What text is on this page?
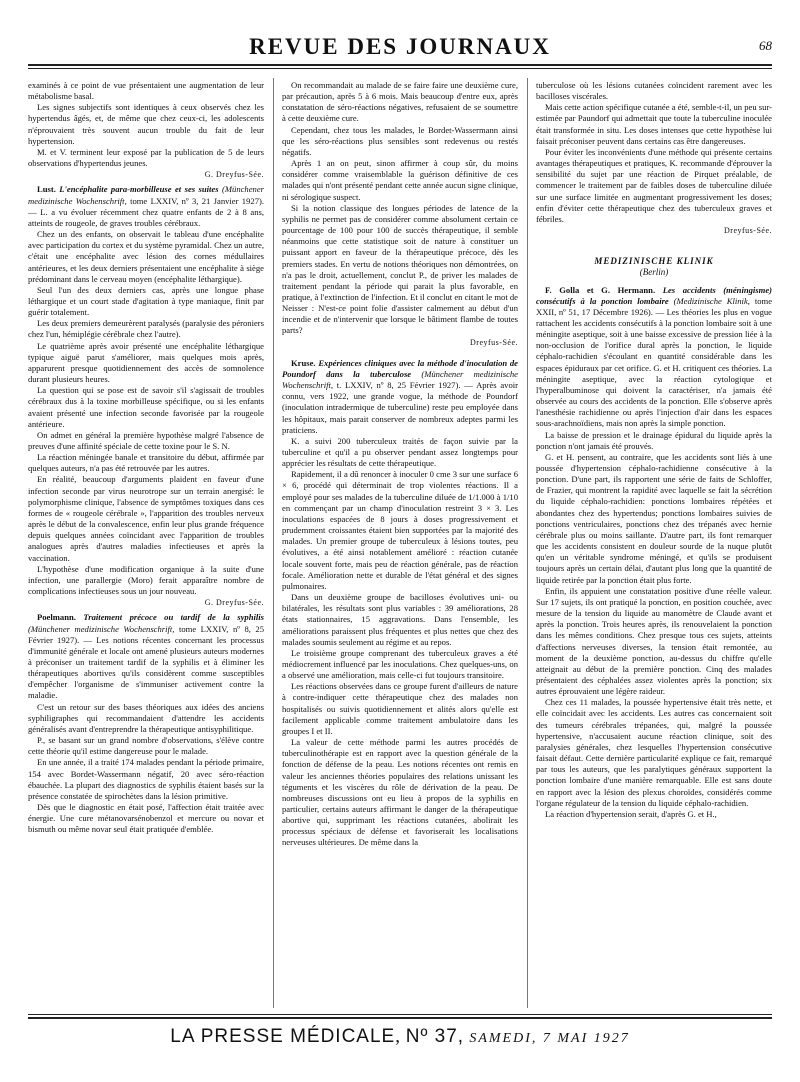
REVUE DES JOURNAUX	68

examinés à ce point de vue présentaient une augmentation de leur métabolisme basal.

Les signes subjectifs sont identiques à ceux observés chez les hypertendus âgés, et, de même que chez ceux-ci, les adolescents n'éprouvaient très souvent aucun trouble du fait de leur hypertension.

M. et V. terminent leur exposé par la publication de 5 de leurs observations d'hypertendus jeunes.

G. Dreyfus-Sée.

Lust. L'encéphalite para-morbilleuse et ses suites (Münchener medizinische Wochenschrift, tome LXXIV, nº 3, 21 Janvier 1927). — L. a vu évoluer récemment chez quatre enfants de 2 à 8 ans, atteints de rougeole, de graves troubles cérébraux.

Chez un des enfants, on observait le tableau d'une encéphalite avec participation du cortex et du système pyramidal. Chez un autre, c'était une encéphalite avec lésion des cornes médullaires antérieures, et les deux derniers présentaient une encéphalite à siège prédominant dans le cerveau moyen (encéphalite léthargique).

Seul l'un des deux derniers cas, après une longue phase léthargique et un court stade d'agitation à type maniaque, finit par guérir totalement.

Les deux premiers demeurèrent paralysés (paralysie des péroniers chez l'un, hémiplégie cérébrale chez l'autre).

Le quatrième après avoir présenté une encéphalite léthargique typique aiguë parut s'améliorer, mais quelques mois après, apparurent presque quotidiennement des accès de somnolence durant plusieurs heures.

La question qui se pose est de savoir s'il s'agissait de troubles cérébraux dus à la toxine morbilleuse spécifique, ou si les enfants avaient présenté une infection seconde favorisée par la rougeole antérieure.

On admet en général la première hypothèse malgré l'absence de preuves d'une affinité spéciale de cette toxine pour le S. N.

La réaction méningée banale et transitoire du début, affirmée par quelques auteurs, n'a pas été retrouvée par les autres.

En réalité, beaucoup d'arguments plaident en faveur d'une infection seconde par virus neurotrope sur un terrain anergisé: le polymorphisme clinique, l'absence de symptômes toxiques dans ces formes de « rougeole cérébrale », l'apparition des troubles nerveux après le début de la convalescence, enfin leur plus grande fréquence depuis quelques années coïncidant avec l'apparition de troubles analogues après d'autres maladies infectieuses et après la vaccination.

L'hypothèse d'une modification organique à la suite d'une infection, une parallergie (Moro) ferait apparaître nombre de complications infectieuses sous un jour nouveau.

G. Dreyfus-Sée.

Poelmann. Traitement précoce ou tardif de la syphilis (Münchener medizinische Wochenschrift, tome LXXIV, nº 8, 25 Février 1927). — Les notions récentes concernant les processus d'immunité générale et locale ont amené plusieurs auteurs modernes à préconiser un traitement tardif de la syphilis et à éliminer les thérapeutiques abortives qu'ils considèrent comme susceptibles d'empêcher l'organisme de s'immuniser activement contre la maladie.

C'est un retour sur des bases théoriques aux idées des anciens syphiligraphes qui recommandaient d'attendre les accidents généralisés avant d'entreprendre la thérapeutique antisyphilitique.

P., se basant sur un grand nombre d'observations, s'élève contre cette théorie qu'il estime dangereuse pour le malade.

En une année, il a traité 174 malades pendant la période primaire, 154 avec Bordet-Wassermann négatif, 20 avec séro-réaction ébauchée. La plupart des diagnostics de syphilis étaient basés sur la présence constatée de spirochètes dans la lésion primitive.

Dès que le diagnostic en était posé, l'affection était traitée avec énergie. Une cure métanovarsénobenzol et mercure ou novar et bismuth ou même novar seul était pratiquée d'emblée.

On recommandait au malade de se faire faire une deuxième cure, par précaution, après 5 à 6 mois. Mais beaucoup d'entre eux, après constatation de séro-réactions négatives, refusaient de se soumettre à cette deuxième cure.

Cependant, chez tous les malades, le Bordet-Wassermann ainsi que les séro-réactions plus sensibles sont redevenus ou restés négatifs.

Après 1 an on peut, sinon affirmer à coup sûr, du moins considérer comme vraisemblable la guérison définitive de ces malades qui n'ont présenté pendant cette année aucun signe clinique, ni sérologique suspect.

Si la notion classique des longues périodes de latence de la syphilis ne permet pas de considérer comme absolument certain ce pourcentage de 100 pour 100 de succès thérapeutique, il semble néanmoins que cette statistique soit de nature à constituer un puissant apport en faveur de la thérapeutique précoce, dès les premiers stades. En vertu de notions théoriques non démontrées, on n'a pas le droit, actuellement, conclut P., de priver les malades de traitement pendant la période qui parait la plus favorable, en pratique, à l'extinction de l'infection. Et il conclut en citant le mot de Neisser : N'est-ce point folie d'assister calmement au début d'un incendie et de n'intervenir que lorsque le bâtiment flambe de toutes parts?

Dreyfus-Sée.

Kruse. Expériences cliniques avec la méthode d'inoculation de Poundorf dans la tuberculose (Münchener medizinische Wochenschrift, t. LXXIV, nº 8, 25 Février 1927). — Après avoir connu, vers 1922, une grande vogue, la méthode de Poundorf (inoculation intradermique de tuberculine) reste peu employée dans les hôpitaux, mais parait conserver de nombreux adeptes parmi les praticiens.

K. a suivi 200 tuberculeux traités de façon suivie par la tuberculine et qu'il a pu observer pendant assez longtemps pour apprécier les résultats de cette thérapeutique.

Rapidement, il a dû renoncer à inoculer 0 cme 3 sur une surface 6 × 6, procédé qui déterminait de trop violentes réactions. Il a employé pour ses malades de la tuberculine diluée de 1/1.000 à 1/10 en commençant par un champ d'inoculation restreint 3 × 3. Les inoculations espacées de 8 jours à doses progressivement et prudemment croissantes étaient bien supportées par la majorité des malades. Un premier groupe de tuberculeux à lésions toutes, peu évolutives, a été ainsi notablement amélioré : réaction cutanée locale souvent forte, mais peu de réaction générale, pas de réaction focale. Amélioration nette et durable de l'état général et des signes pulmonaires.

Dans un deuxième groupe de bacilloses évolutives uni- ou bilatérales, les résultats sont plus variables : 39 améliorations, 28 états stationnaires, 15 aggravations. Dans l'ensemble, les améliorations paraissent plus fréquentes et plus nettes que chez des malades soumis seulement au régime et au repos.

Le troisième groupe comprenant des tuberculeux graves a été médiocrement influencé par les inoculations. Chez quelques-uns, on a observé une amélioration, mais celle-ci fut toujours transitoire.

Les réactions observées dans ce groupe furent d'ailleurs de nature à contre-indiquer cette thérapeutique chez des malades non hospitalisés ou suivis quotidiennement et alités alors qu'elle est facilement applicable comme traitement ambulatoire dans les groupes I et II.

La valeur de cette méthode parmi les autres procédés de tuberculinothérapie est en rapport avec la question générale de la fonction de défense de la peau. Les notions récentes ont remis en valeur les anciennes théories populaires des relations unissant les téguments et les viscères du rôle de dérivation de la peau. De nombreuses discussions ont eu lieu à propos de la syphilis en particulier, certains auteurs affirmant le danger de la thérapeutique abortive qui, supprimant les réactions cutanées, abolirait les processus spéciaux de défense et favoriserait les localisations nerveuses ultérieures. De même dans la

tuberculose où les lésions cutanées coïncident rarement avec les bacilloses viscérales.

Mais cette action spécifique cutanée a été, semble-t-il, un peu sur-estimée par Paundorf qui admettait que toute la tuberculine inoculée était transformée in situ. Les doses intenses que cette hypothèse lui faisait préconiser peuvent dans certains cas être dangereuses.

Pour éviter les inconvénients d'une méthode qui présente certains avantages thérapeutiques et pratiques, K. recommande d'éprouver la sensibilité du sujet par une réaction de Pirquet préalable, de commencer le traitement par de faibles doses de tuberculine diluée sur une surface limitée en augmentant progressivement les doses; enfin d'éviter cette thérapeutique chez des tuberculeux graves et fébriles.

Dreyfus-Sée.
MEDIZINISCHE KLINIK
(Berlin)

F. Golla et G. Hermann. Les accidents (méningisme) consécutifs à la ponction lombaire (Medizinische Klinik, tome XXII, nº 51, 17 Décembre 1926). — Les théories les plus en vogue rattachent les accidents consécutifs à la ponction lombaire soit à une méningite aseptique, soit à une baisse excessive de pression liée à la non-occlusion de l'orifice dural après la ponction, le liquide céphalo-rachidien s'écoulant en quantité considérable dans les espaces épiduraux par cet orifice. G. et H. critiquent ces théories. La méningite aseptique, avec la réaction cytologique et l'hyperalbuminose qui doivent la caractériser, n'a jamais été observée au cours des accidents de la ponction. Elle s'observe après l'anesthésie rachidienne ou après l'injection d'air dans les espaces sous-arachnoïdiens, mais non après la simple ponction.

La baisse de pression et le drainage épidural du liquide après la ponction n'ont jamais été prouvés.

G. et H. pensent, au contraire, que les accidents sont liés à une poussée d'hypertension céphalo-rachidienne consécutive à la ponction. D'une part, ils rapportent une série de faits de Schloffer, de Frazier, qui montrent la rapidité avec laquelle se fait la sécrétion du liquide céphalo-rachidien: ponctions lombaires répétées et abondantes chez des hypertendus; ponctions lombaires suivies de ponctions ventriculaires, ponctions chez des trépanés avec hernie cérébrale plus ou moins saillante. D'autre part, ils font remarquer que les accidents consistent en douleur sourde de la nuque plutôt qu'en un véritable syndrome méningé, et qu'ils se produisent toujours après un certain délai, d'autant plus long que la quantité de liquide retirée par la ponction était plus forte.

Enfin, ils appuient une constatation positive d'une réelle valeur. Sur 17 sujets, ils ont pratiqué la ponction, en position couchée, avec mesure de la tension du liquide au manomètre de Claude avant et après la ponction. Trois heures après, ils renouvelaient la ponction dans les mêmes conditions. Chez presque tous ces sujets, atteints d'affections nerveuses diverses, la tension était remontée, au moment de la deuxième ponction, au-dessus du chiffre qu'elle atteignait au début de la première ponction. Cinq des malades présentaient des céphalées assez violentes après la ponction; six autres éprouvaient une légère raideur.

Chez ces 11 malades, la poussée hypertensive était très nette, et elle coïncidait avec les accidents. Les autres cas concernaient soit des tumeurs cérébrales trépanées, qui, malgré la poussée hypertensive, n'accusaient aucune réaction clinique, soit des paralysies générales, chez lesquelles l'hypertension consécutive faisait défaut. Cette dernière particularité explique ce fait, remarqué par tous les auteurs, que les paralytiques généraux supportent la ponction lombaire d'une manière remarquable. Elle est sans doute en rapport avec la lésion des plexus choroïdes, considérés comme l'organe régulateur de la tension du liquide céphalo-rachidien.

La réaction d'hypertension serait, d'après G. et H.,

LA PRESSE MÉDICALE, Nº 37, SAMEDI, 7 MAI 1927
